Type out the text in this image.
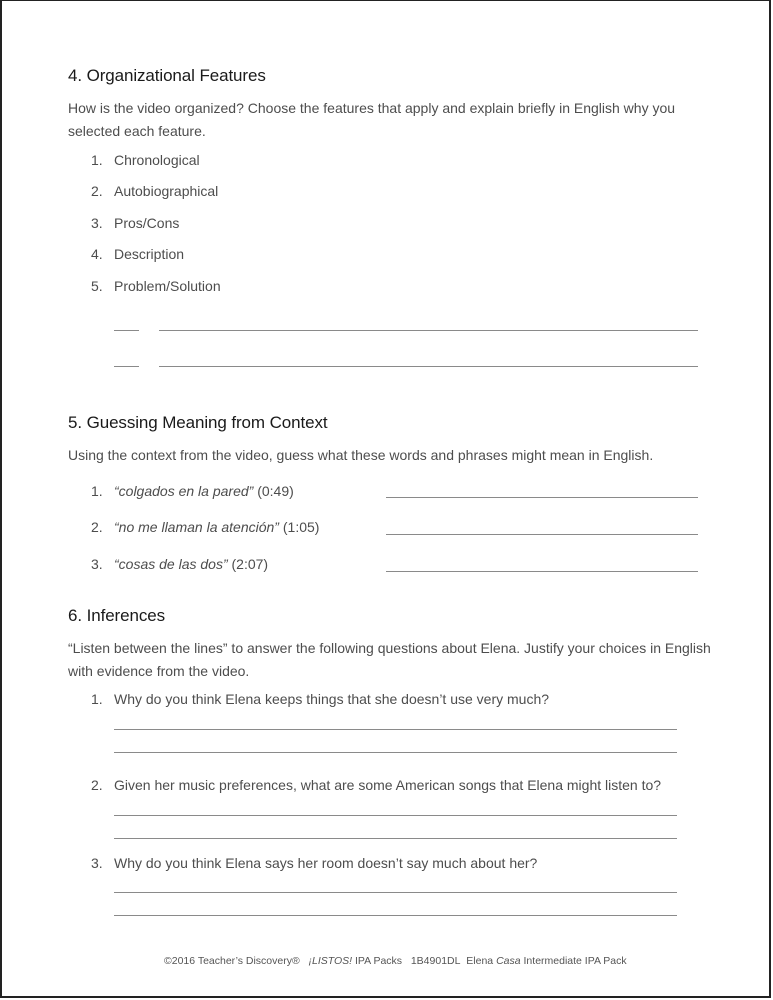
4. Organizational Features

How is the video organized? Choose the features that apply and explain briefly in English why you selected each feature.

1. Chronological
2. Autobiographical
3. Pros/Cons
4. Description
5. Problem/Solution
5. Guessing Meaning from Context

Using the context from the video, guess what these words and phrases might mean in English.

1. “colgados en la pared” (0:49)
2. “no me llaman la atención” (1:05)
3. “cosas de las dos” (2:07)
6. Inferences

“Listen between the lines” to answer the following questions about Elena. Justify your choices in English with evidence from the video.

1. Why do you think Elena keeps things that she doesn’t use very much?
2. Given her music preferences, what are some American songs that Elena might listen to?
3. Why do you think Elena says her room doesn’t say much about her?
©2016 Teacher’s Discovery® ¡LISTOS! IPA Packs 1B4901DL Elena Casa Intermediate IPA Pack
